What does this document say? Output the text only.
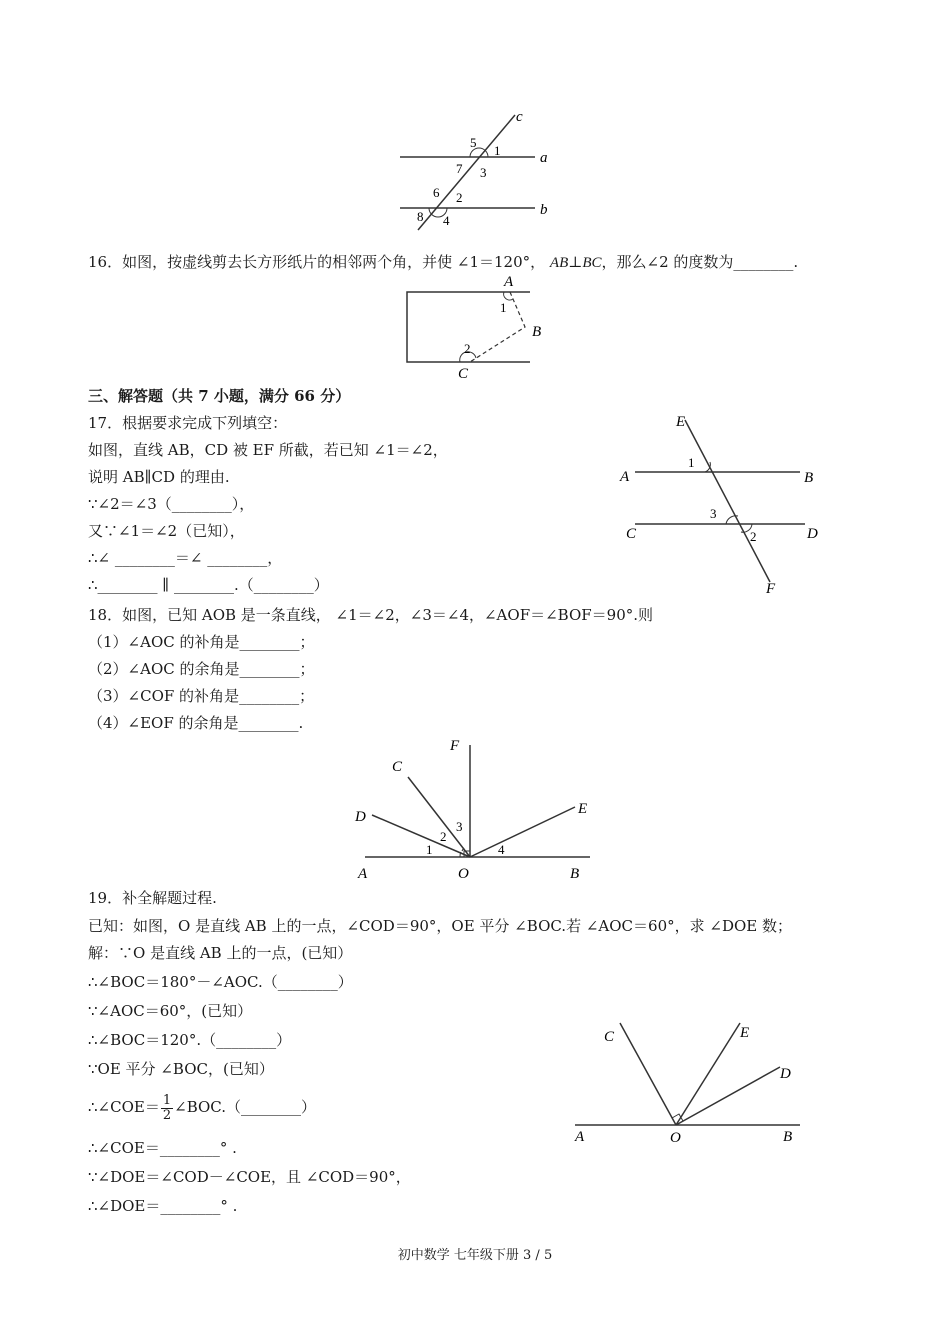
c
a
b
5
1
7 3
6 2
8 4
16．如图，按虚线剪去长方形纸片的相邻两个角，并使 ∠1＝120°， AB⊥BC，那么∠2 的度数为________.
A
B
C
1
2
三、解答题（共 7 小题，满分 66 分）
17．根据要求完成下列填空：
如图，直线 AB，CD 被 EF 所截，若已知 ∠1＝∠2，
说明 AB∥CD 的理由.
∵∠2＝∠3（________），
又∵∠1＝∠2（已知），
∴∠ ________＝∠ ________，
∴________ ∥ ________.（________）
E
A	B
C	D
F
1
3
2
18．如图，已知 AOB 是一条直线， ∠1＝∠2，∠3＝∠4，∠AOF＝∠BOF＝90°.则
（1）∠AOC 的补角是________；
（2）∠AOC 的余角是________；
（3）∠COF 的补角是________；
（4）∠EOF 的余角是________.
F
C
D	E
A	O	B
1
2
3
4
19．补全解题过程.
已知：如图，O 是直线 AB 上的一点，∠COD＝90°，OE 平分 ∠BOC.若 ∠AOC＝60°，求 ∠DOE 数；
解：∵O 是直线 AB 上的一点，(已知）
∴∠BOC＝180°－∠AOC.（________）
∵∠AOC＝60°，(已知）
∴∠BOC＝120°.（________）
∵OE 平分 ∠BOC，(已知）
∴∠COE＝ $\frac{1}{2}$ ∠BOC.（________）
∴∠COE＝________° .
∵∠DOE＝∠COD－∠COE，且 ∠COD＝90°，
∴∠DOE＝________° .
C	E
D
A	O	B
初中数学 七年级下册 3 / 5
